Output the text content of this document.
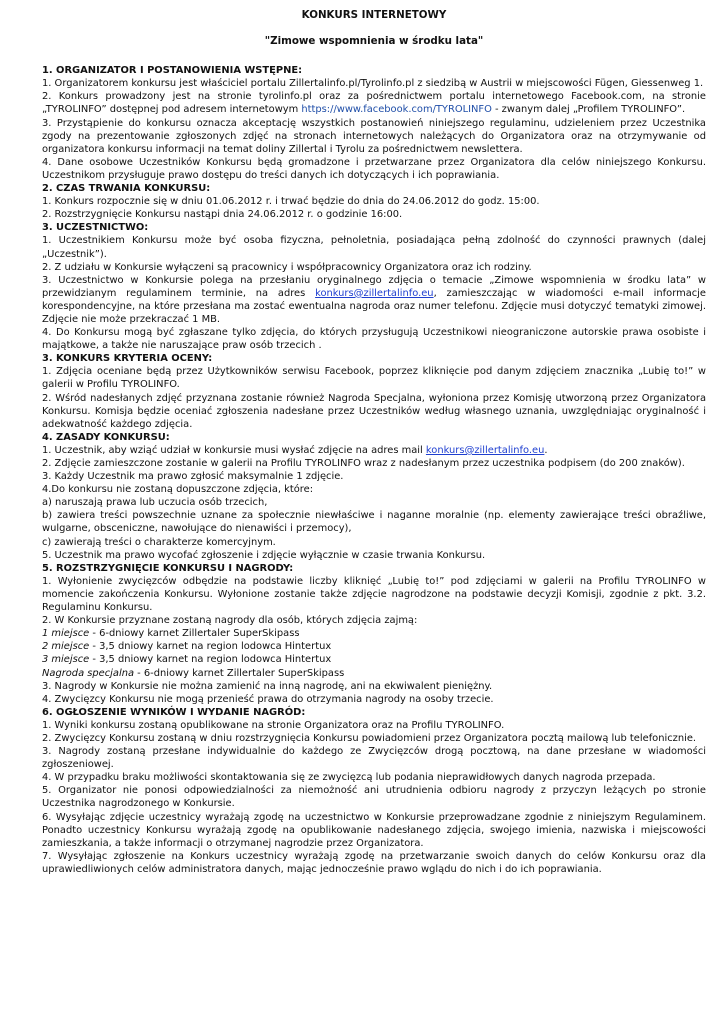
KONKURS INTERNETOWY

"Zimowe wspomnienia w środku lata"

1. ORGANIZATOR I POSTANOWIENIA WSTĘPNE:

1. Organizatorem konkursu jest właściciel portalu Zillertalinfo.pl/Tyrolinfo.pl z siedzibą w Austrii w miejscowości Fügen, Giessenweg 1.

2. Konkurs prowadzony jest na stronie tyrolinfo.pl oraz za pośrednictwem portalu internetowego Facebook.com, na stronie „TYROLINFO” dostępnej pod adresem internetowym https://www.facebook.com/TYROLINFO - zwanym dalej „Profilem TYROLINFO”.

3. Przystąpienie do konkursu oznacza akceptację wszystkich postanowień niniejszego regulaminu, udzieleniem przez Uczestnika zgody na prezentowanie zgłoszonych zdjęć na stronach internetowych należących do Organizatora oraz na otrzymywanie od organizatora konkursu informacji na temat doliny Zillertal i Tyrolu za pośrednictwem newslettera.

4. Dane osobowe Uczestników Konkursu będą gromadzone i przetwarzane przez Organizatora dla celów niniejszego Konkursu. Uczestnikom przysługuje prawo dostępu do treści danych ich dotyczących i ich poprawiania.

2. CZAS TRWANIA KONKURSU:

1. Konkurs rozpocznie się w dniu 01.06.2012 r. i trwać będzie do dnia do 24.06.2012 do godz. 15:00.

2. Rozstrzygnięcie Konkursu nastąpi dnia 24.06.2012 r. o godzinie 16:00.

3. UCZESTNICTWO:

1. Uczestnikiem Konkursu może być osoba fizyczna, pełnoletnia, posiadająca pełną zdolność do czynności prawnych (dalej „Uczestnik”).

2. Z udziału w Konkursie wyłączeni są pracownicy i współpracownicy Organizatora oraz ich rodziny.

3. Uczestnictwo w Konkursie polega na przesłaniu oryginalnego zdjęcia o temacie „Zimowe wspomnienia w środku lata” w przewidzianym regulaminem terminie, na adres konkurs@zillertalinfo.eu, zamieszczając w wiadomości e-mail informacje korespondencyjne, na które przesłana ma zostać ewentualna nagroda oraz numer telefonu. Zdjęcie musi dotyczyć tematyki zimowej. Zdjęcie nie może przekraczać 1 MB.

4. Do Konkursu mogą być zgłaszane tylko zdjęcia, do których przysługują Uczestnikowi nieograniczone autorskie prawa osobiste i majątkowe, a także nie naruszające praw osób trzecich .

3. KONKURS KRYTERIA OCENY:

1. Zdjęcia oceniane będą przez Użytkowników serwisu Facebook, poprzez kliknięcie pod danym zdjęciem znacznika „Lubię to!” w galerii w Profilu TYROLINFO.

2. Wśród nadesłanych zdjęć przyznana zostanie również Nagroda Specjalna, wyłoniona przez Komisję utworzoną przez Organizatora Konkursu. Komisja będzie oceniać zgłoszenia nadesłane przez Uczestników według własnego uznania, uwzględniając oryginalność i adekwatność każdego zdjęcia.

4. ZASADY KONKURSU:

1. Uczestnik, aby wziąć udział w konkursie musi wysłać zdjęcie na adres mail konkurs@zillertalinfo.eu.

2. Zdjęcie zamieszczone zostanie w galerii na Profilu TYROLINFO wraz z nadesłanym przez uczestnika podpisem (do 200 znaków).

3. Każdy Uczestnik ma prawo zgłosić maksymalnie 1 zdjęcie.

4.Do konkursu nie zostaną dopuszczone zdjęcia, które:

a) naruszają prawa lub uczucia osób trzecich,

b) zawiera treści powszechnie uznane za społecznie niewłaściwe i naganne moralnie (np. elementy zawierające treści obraźliwe, wulgarne, obsceniczne, nawołujące do nienawiści i przemocy),

c) zawierają treści o charakterze komercyjnym.

5. Uczestnik ma prawo wycofać zgłoszenie i zdjęcie wyłącznie w czasie trwania Konkursu.

5. ROZSTRZYGNIĘCIE KONKURSU I NAGRODY:

1. Wyłonienie zwycięzców odbędzie na podstawie liczby kliknięć „Lubię to!” pod zdjęciami w galerii na Profilu TYROLINFO w momencie zakończenia Konkursu. Wyłonione zostanie także zdjęcie nagrodzone na podstawie decyzji Komisji, zgodnie z pkt. 3.2. Regulaminu Konkursu.

2. W Konkursie przyznane zostaną nagrody dla osób, których zdjęcia zajmą:

1 miejsce - 6-dniowy karnet Zillertaler SuperSkipass

2 miejsce - 3,5 dniowy karnet na region lodowca Hintertux

3 miejsce - 3,5 dniowy karnet na region lodowca Hintertux

Nagroda specjalna - 6-dniowy karnet Zillertaler SuperSkipass

3. Nagrody w Konkursie nie można zamienić na inną nagrodę, ani na ekwiwalent pieniężny.

4. Zwycięzcy Konkursu nie mogą przenieść prawa do otrzymania nagrody na osoby trzecie.

6. OGŁOSZENIE WYNIKÓW I WYDANIE NAGRÓD:

1. Wyniki konkursu zostaną opublikowane na stronie Organizatora oraz na Profilu TYROLINFO.

2. Zwycięzcy Konkursu zostaną w dniu rozstrzygnięcia Konkursu powiadomieni przez Organizatora pocztą mailową lub telefonicznie.

3. Nagrody zostaną przesłane indywidualnie do każdego ze Zwycięzców drogą pocztową, na dane przesłane w wiadomości zgłoszeniowej.

4. W przypadku braku możliwości skontaktowania się ze zwycięzcą lub podania nieprawidłowych danych nagroda przepada.

5. Organizator nie ponosi odpowiedzialności za niemożność ani utrudnienia odbioru nagrody z przyczyn leżących po stronie Uczestnika nagrodzonego w Konkursie.

6. Wysyłając zdjęcie uczestnicy wyrażają zgodę na uczestnictwo w Konkursie przeprowadzane zgodnie z niniejszym Regulaminem. Ponadto uczestnicy Konkursu wyrażają zgodę na opublikowanie nadesłanego zdjęcia, swojego imienia, nazwiska i miejscowości zamieszkania, a także informacji o otrzymanej nagrodzie przez Organizatora.

7. Wysyłając zgłoszenie na Konkurs uczestnicy wyrażają zgodę na przetwarzanie swoich danych do celów Konkursu oraz dla uprawiedliwionych celów administratora danych, mając jednocześnie prawo wglądu do nich i do ich poprawiania.
